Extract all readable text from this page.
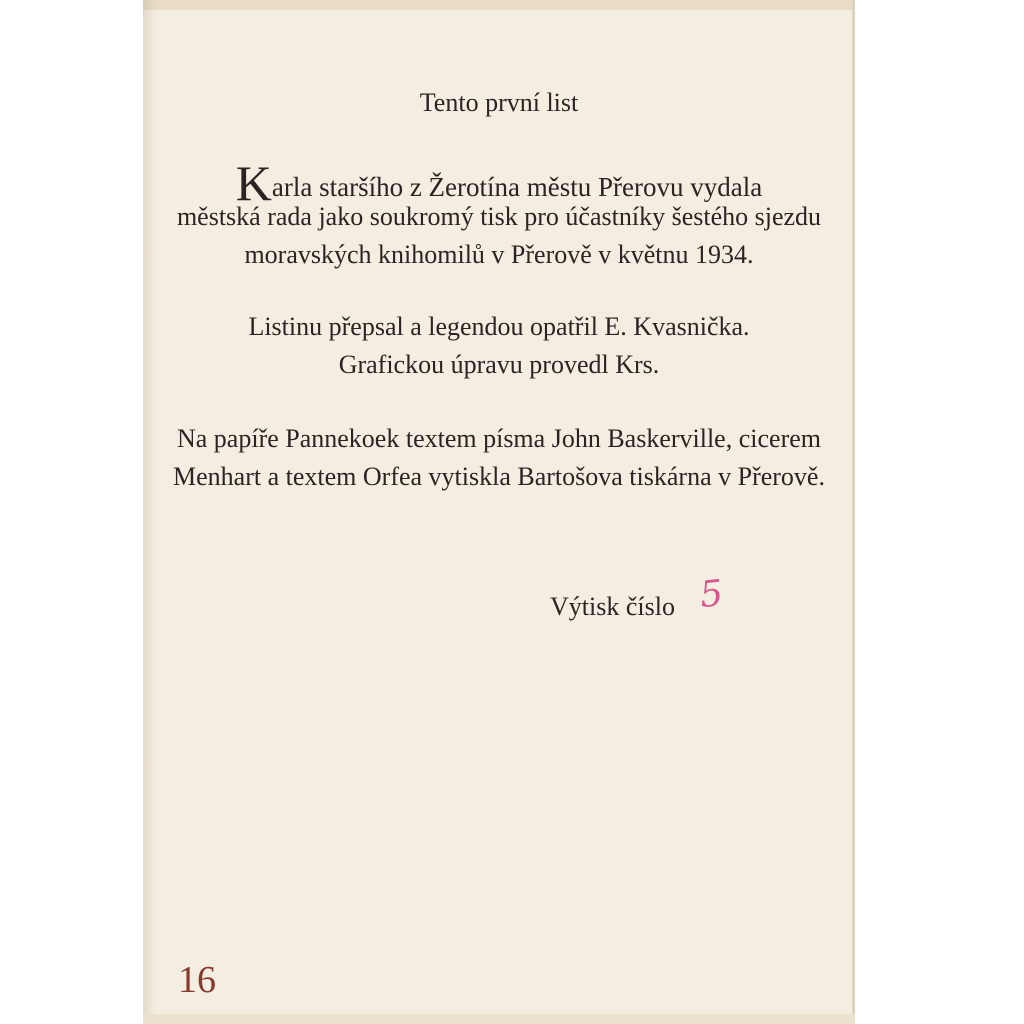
Tento první list

Karla staršího z Žerotína městu Přerovu vydala

městská rada jako soukromý tisk pro účastníky šestého sjezdu

moravských knihomilů v Přerově v květnu 1934.

Listinu přepsal a legendou opatřil E. Kvasnička.

Grafickou úpravu provedl Krs.

Na papíře Pannekoek textem písma John Baskerville, cicerem

Menhart a textem Orfea vytiskla Bartošova tiskárna v Přerově.

Výtisk číslo 5
16
